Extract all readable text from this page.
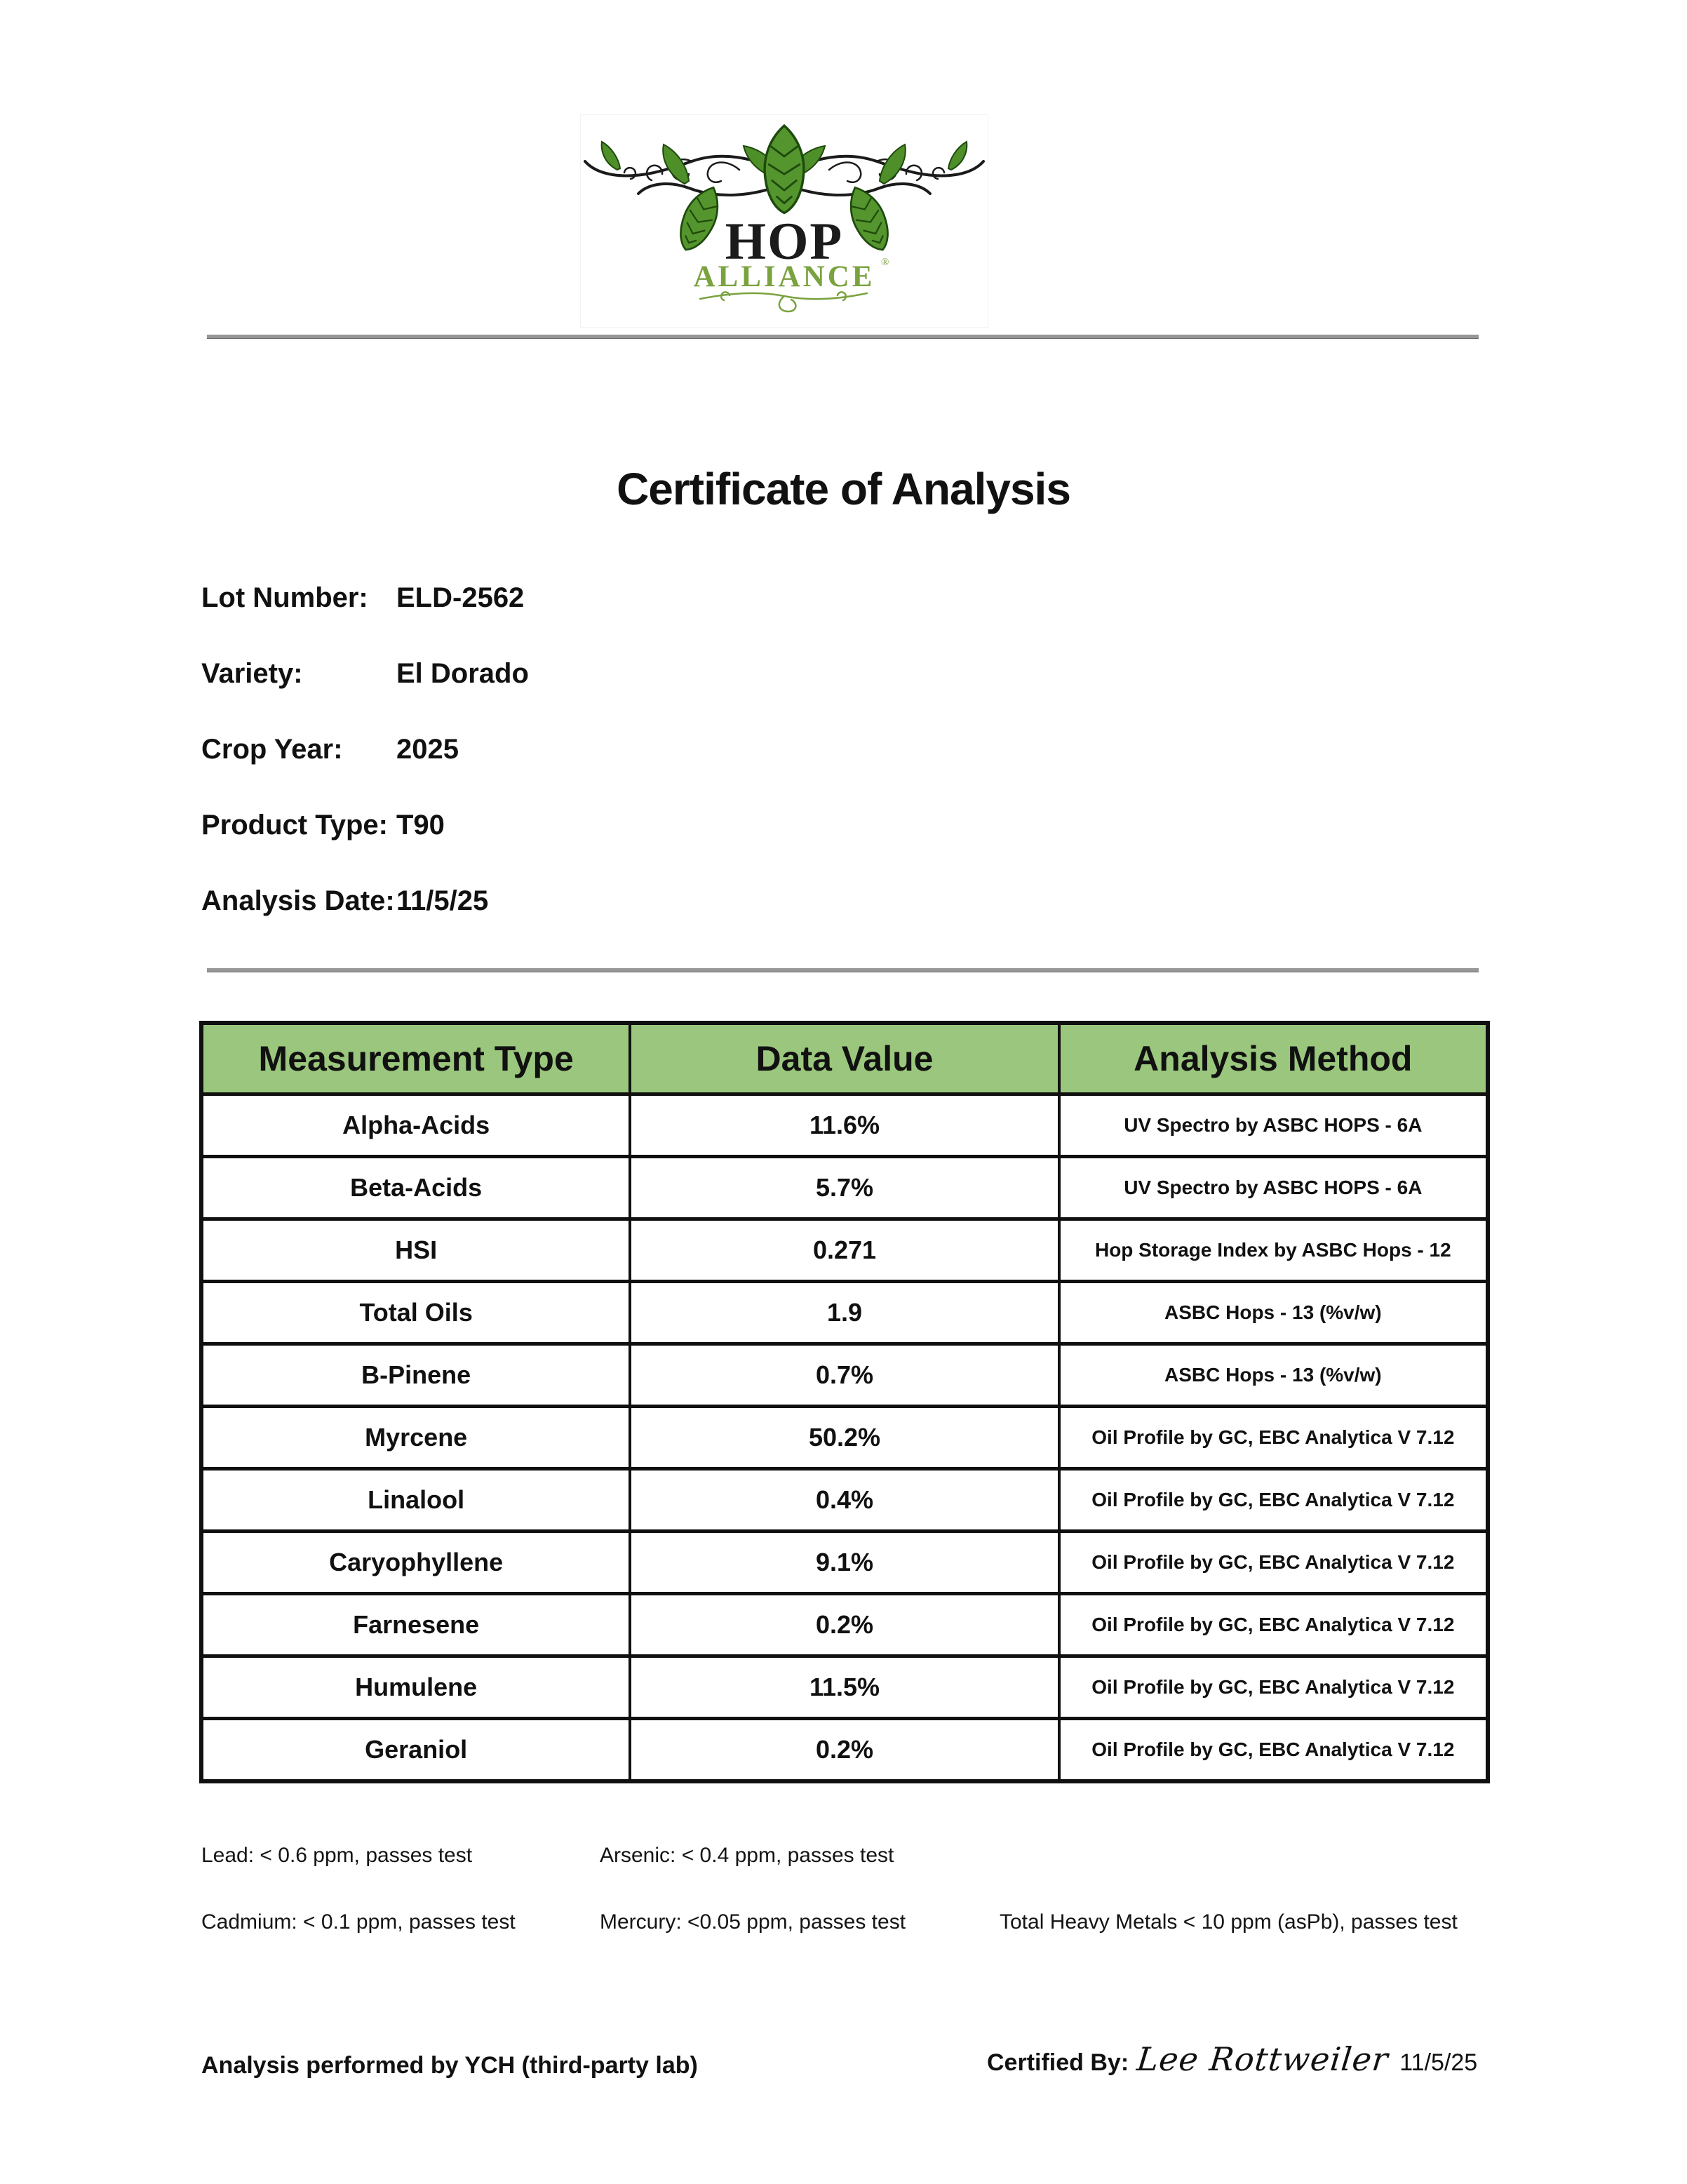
HOP
ALLIANCE ®
Certificate of Analysis
Lot Number:	ELD-2562
Variety:	El Dorado
Crop Year:	2025
Product Type: T90
Analysis Date: 11/5/25
Measurement Type	Data Value	Analysis Method
Alpha-Acids	11.6%	UV Spectro by ASBC HOPS - 6A
Beta-Acids	5.7%	UV Spectro by ASBC HOPS - 6A
HSI	0.271	Hop Storage Index by ASBC Hops - 12
Total Oils	1.9	ASBC Hops - 13 (%v/w)
B-Pinene	0.7%	ASBC Hops - 13 (%v/w)
Myrcene	50.2%	Oil Profile by GC, EBC Analytica V 7.12
Linalool	0.4%	Oil Profile by GC, EBC Analytica V 7.12
Caryophyllene	9.1%	Oil Profile by GC, EBC Analytica V 7.12
Farnesene	0.2%	Oil Profile by GC, EBC Analytica V 7.12
Humulene	11.5%	Oil Profile by GC, EBC Analytica V 7.12
Geraniol	0.2%	Oil Profile by GC, EBC Analytica V 7.12
Lead: < 0.6 ppm, passes test	Arsenic: < 0.4 ppm, passes test
Cadmium: < 0.1 ppm, passes test	Mercury: <0.05 ppm, passes test	Total Heavy Metals < 10 ppm (asPb), passes test
Analysis performed by YCH (third-party lab)	Certified By: Lee Rottweiler 11/5/25
